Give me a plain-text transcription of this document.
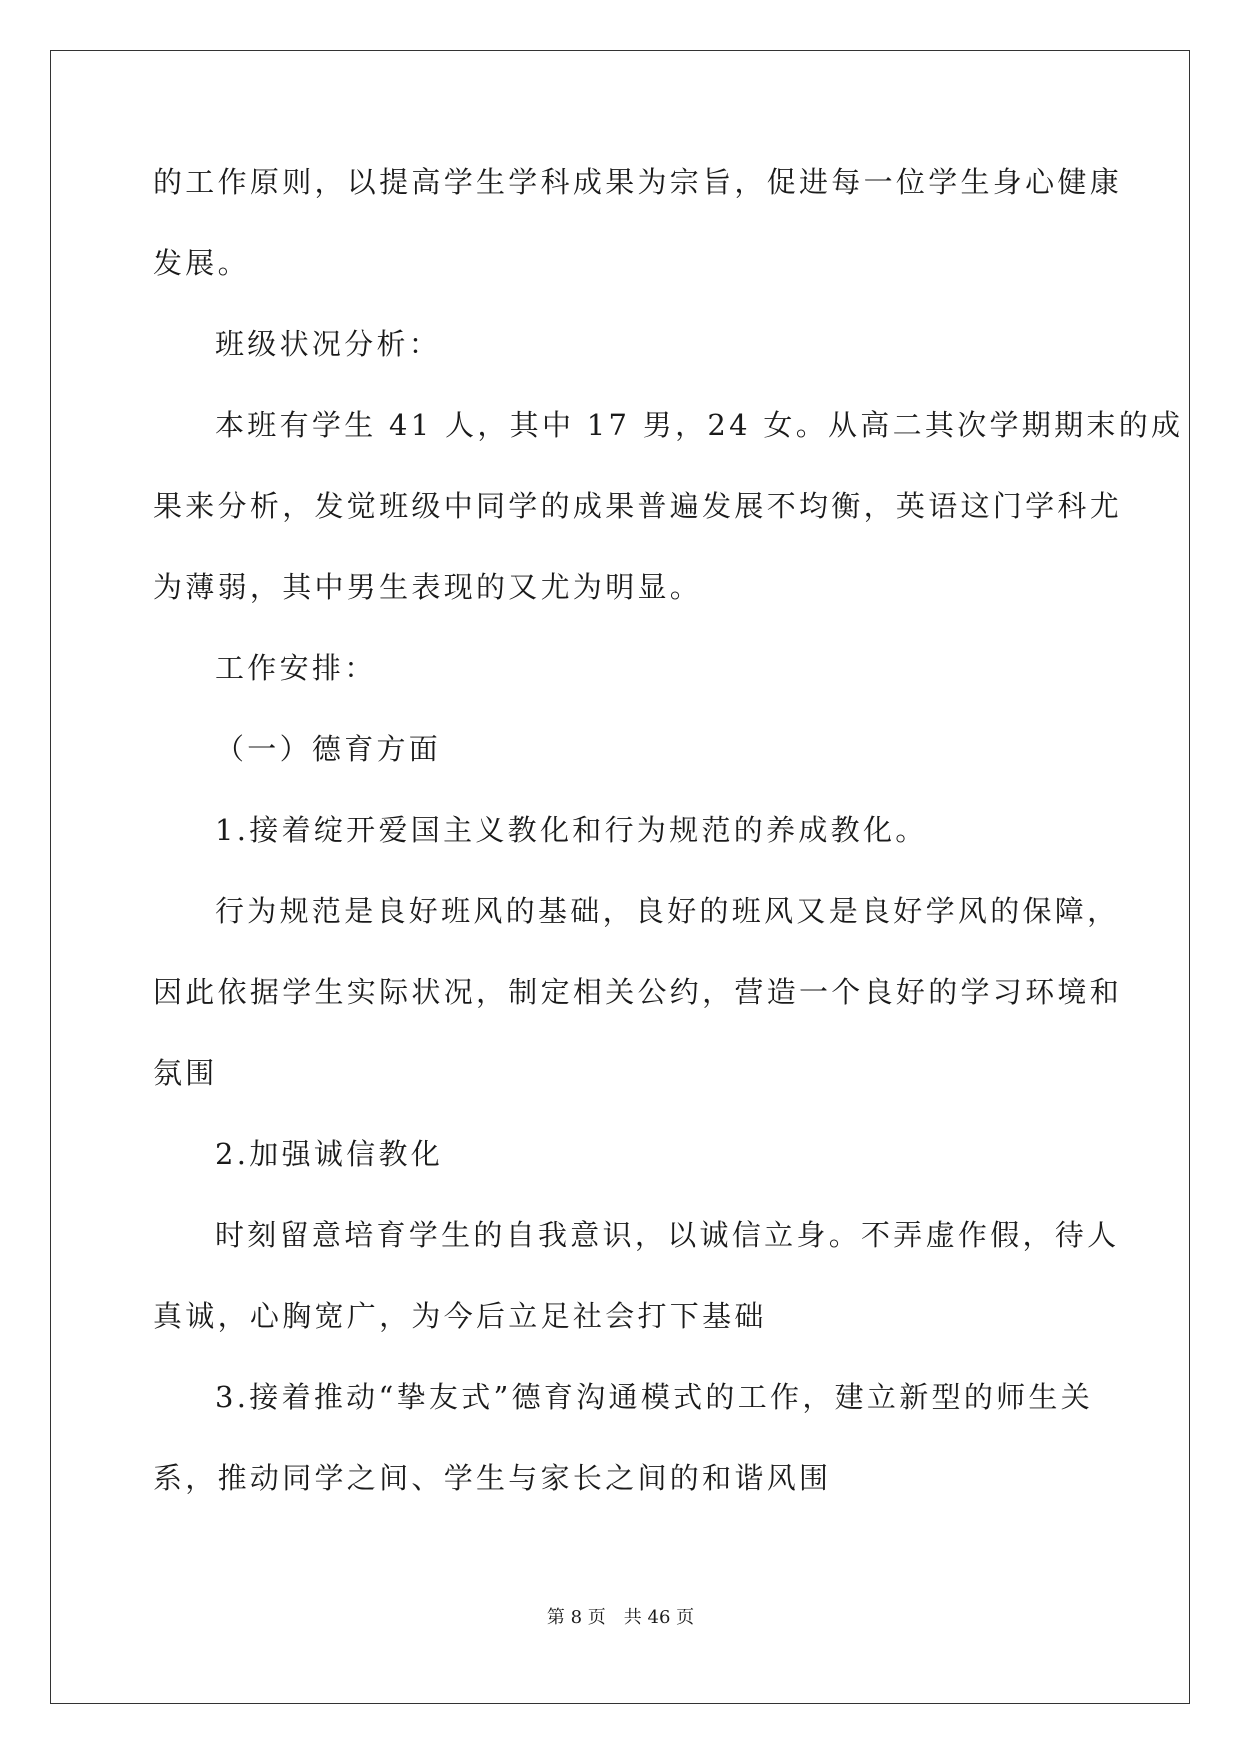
的工作原则，以提高学生学科成果为宗旨，促进每一位学生身心健康
发展。
班级状况分析：
本班有学生 41 人，其中 17 男，24 女。从高二其次学期期末的成
果来分析，发觉班级中同学的成果普遍发展不均衡，英语这门学科尤
为薄弱，其中男生表现的又尤为明显。
工作安排：
（一）德育方面
1.接着绽开爱国主义教化和行为规范的养成教化。
行为规范是良好班风的基础，良好的班风又是良好学风的保障，
因此依据学生实际状况，制定相关公约，营造一个良好的学习环境和
氛围
2.加强诚信教化
时刻留意培育学生的自我意识，以诚信立身。不弄虚作假，待人
真诚，心胸宽广，为今后立足社会打下基础
3.接着推动“挚友式”德育沟通模式的工作，建立新型的师生关
系，推动同学之间、学生与家长之间的和谐风围
第 8 页　共 46 页
